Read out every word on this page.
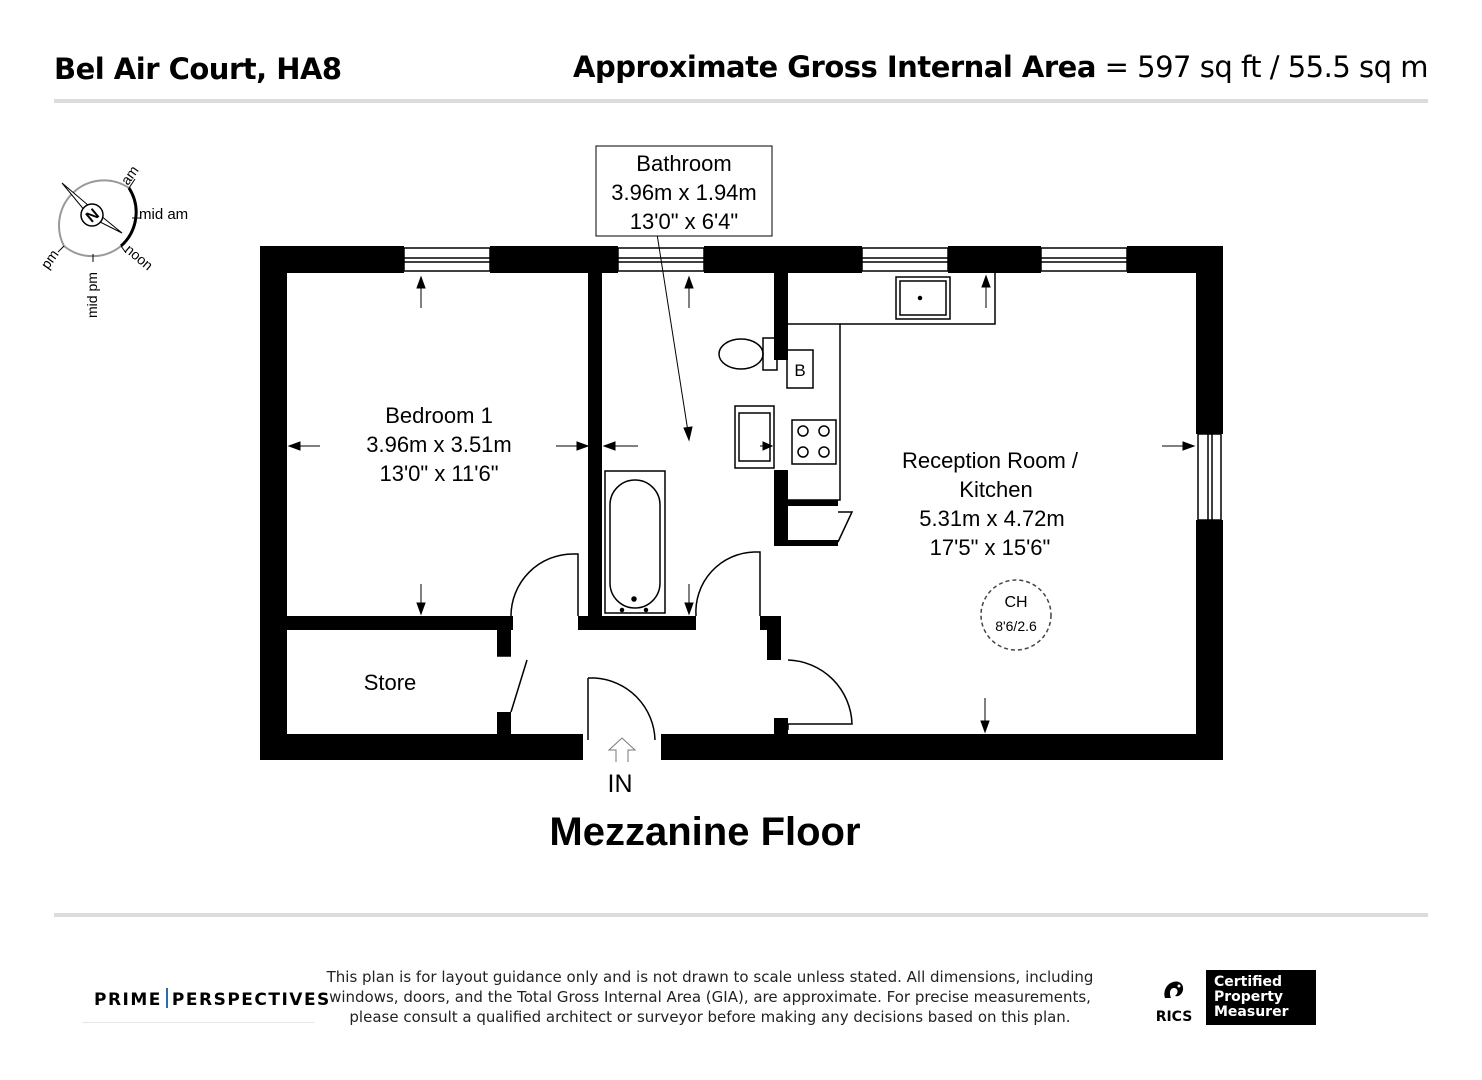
Bel Air Court, HA8	Approximate Gross Internal Area = 597 sq ft / 55.5 sq m
N
am
mid am
noon
mid pm
pm
Bathroom
3.96m x 1.94m
13'0" x 6'4"
Bedroom 1
3.96m x 3.51m
13'0" x 11'6"
Reception Room /
Kitchen
5.31m x 4.72m
17'5" x 15'6"
Store
IN
B
CH
8'6/2.6
Mezzanine Floor
PRIME PERSPECTIVES
This plan is for layout guidance only and is not drawn to scale unless stated. All dimensions, including windows, doors, and the Total Gross Internal Area (GIA), are approximate. For precise measurements, please consult a qualified architect or surveyor before making any decisions based on this plan.	RICS
Certified
Property
Measurer
